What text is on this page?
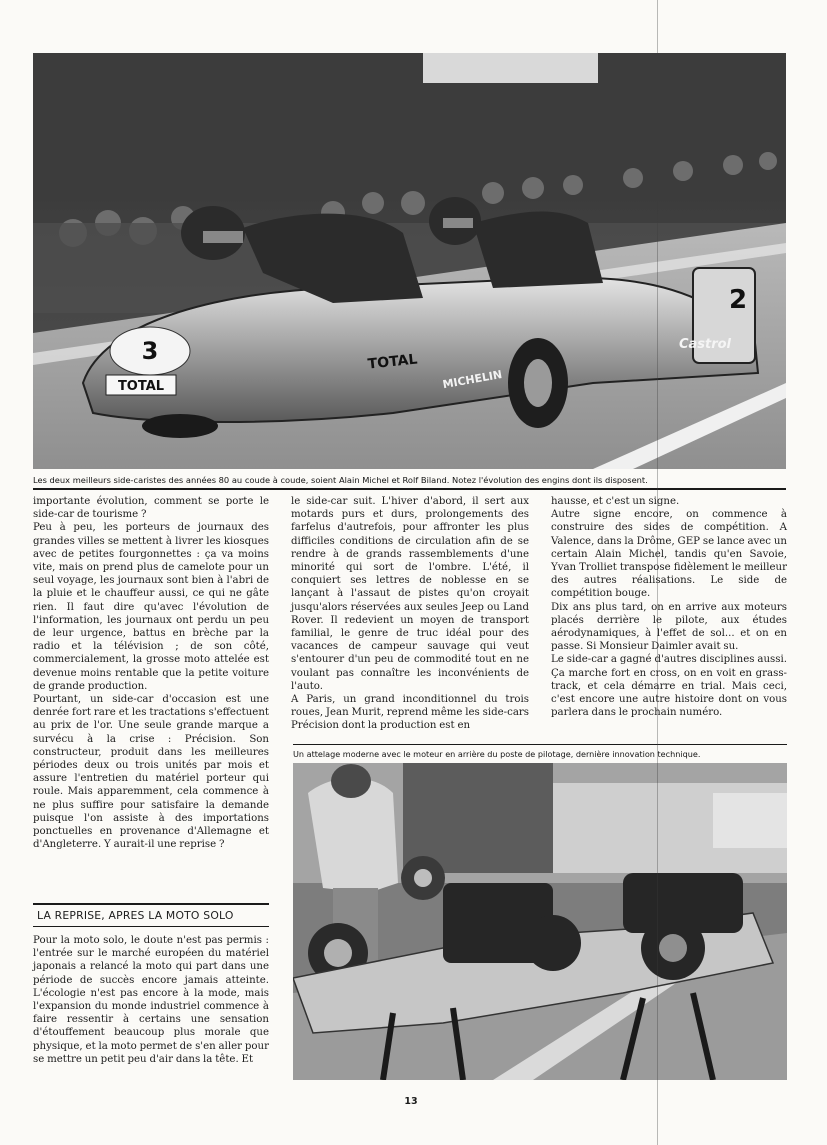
3
2
TOTAL
TOTAL
MICHELIN
Castrol
Les deux meilleurs side-caristes des années 80 au coude à coude, soient Alain Michel et Rolf Biland. Notez l'évolution des engins dont ils disposent.

importante évolution, comment se porte le side-car de tourisme ?

Peu à peu, les porteurs de journaux des grandes villes se mettent à livrer les kiosques avec de petites fourgonnettes : ça va moins vite, mais on prend plus de camelote pour un seul voyage, les journaux sont bien à l'abri de la pluie et le chauffeur aussi, ce qui ne gâte rien. Il faut dire qu'avec l'évolution de l'information, les journaux ont perdu un peu de leur urgence, battus en brèche par la radio et la télévision ; de son côté, commercialement, la grosse moto attelée est devenue moins rentable que la petite voiture de grande production.

Pourtant, un side-car d'occasion est une denrée fort rare et les tractations s'effectuent au prix de l'or. Une seule grande marque a survécu à la crise : Précision. Son constructeur, produit dans les meilleures périodes deux ou trois unités par mois et assure l'entretien du matériel porteur qui roule. Mais apparemment, cela commence à ne plus suffire pour satisfaire la demande puisque l'on assiste à des importations ponctuelles en provenance d'Allemagne et d'Angleterre. Y aurait-il une reprise ?

LA REPRISE, APRES LA MOTO SOLO

Pour la moto solo, le doute n'est pas permis : l'entrée sur le marché européen du matériel japonais a relancé la moto qui part dans une période de succès encore jamais atteinte. L'écologie n'est pas encore à la mode, mais l'expansion du monde industriel commence à faire ressentir à certains une sensation d'étouffement beaucoup plus morale que physique, et la moto permet de s'en aller pour se mettre un petit peu d'air dans la tête. Et

le side-car suit. L'hiver d'abord, il sert aux motards purs et durs, prolongements des farfelus d'autrefois, pour affronter les plus difficiles conditions de circulation afin de se rendre à de grands rassemblements d'une minorité qui sort de l'ombre. L'été, il conquiert ses lettres de noblesse en se lançant à l'assaut de pistes qu'on croyait jusqu'alors réservées aux seules Jeep ou Land Rover. Il redevient un moyen de transport familial, le genre de truc idéal pour des vacances de campeur sauvage qui veut s'entourer d'un peu de commodité tout en ne voulant pas connaître les inconvénients de l'auto.

A Paris, un grand inconditionnel du trois roues, Jean Murit, reprend même les side-cars Précision dont la production est en

hausse, et c'est un signe.

Autre signe encore, on commence à construire des sides de compétition. A Valence, dans la Drôme, GEP se lance avec un certain Alain Michel, tandis qu'en Savoie, Yvan Trolliet transpose fidèlement le meilleur des autres réalisations. Le side de compétition bouge.

Dix ans plus tard, on en arrive aux moteurs placés derrière le pilote, aux études aérodynamiques, à l'effet de sol... et on en passe. Si Monsieur Daimler avait su.

Le side-car a gagné d'autres disciplines aussi. Ça marche fort en cross, on en voit en grass-track, et cela démarre en trial. Mais ceci, c'est encore une autre histoire dont on vous parlera dans le prochain numéro.

Un attelage moderne avec le moteur en arrière du poste de pilotage, dernière innovation technique.
13
